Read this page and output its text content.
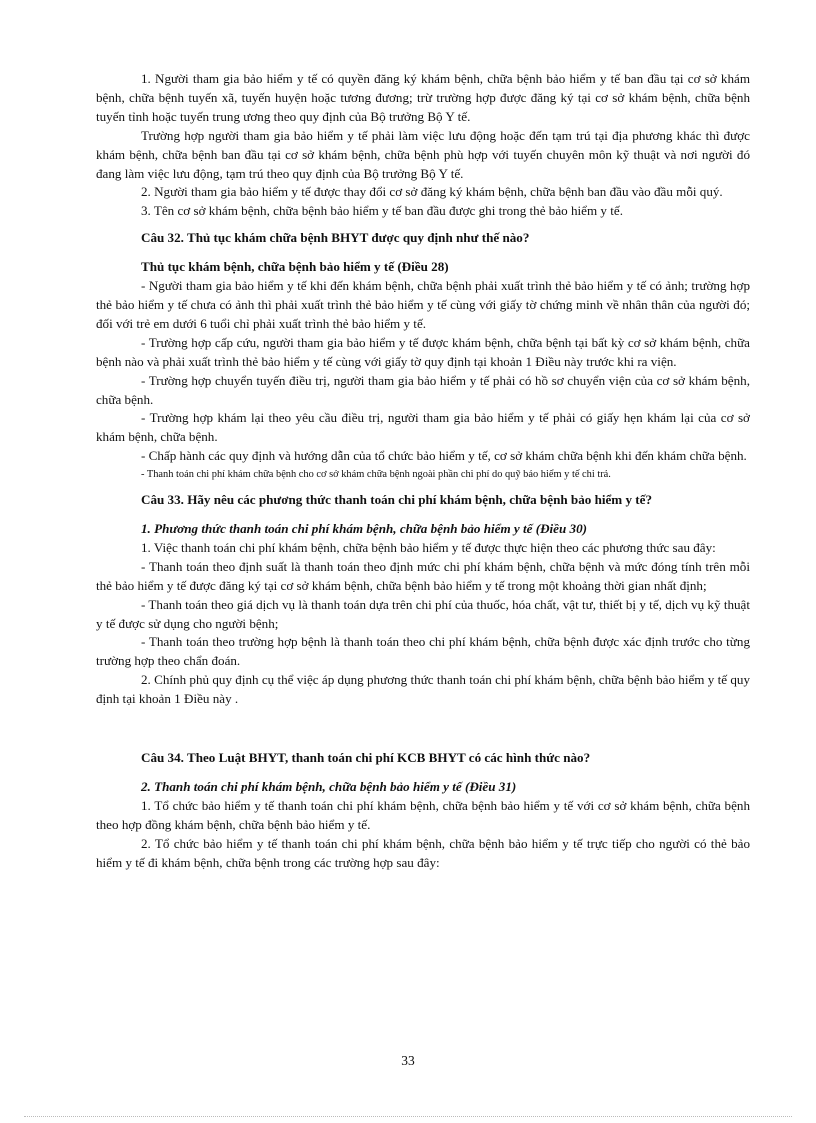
1. Người tham gia bảo hiểm y tế có quyền đăng ký khám bệnh, chữa bệnh bảo hiểm y tế ban đầu tại cơ sở khám bệnh, chữa bệnh tuyến xã, tuyến huyện hoặc tương đương; trừ trường hợp được đăng ký tại cơ sở khám bệnh, chữa bệnh tuyến tỉnh hoặc tuyến trung ương theo quy định của Bộ trưởng Bộ Y tế.

Trường hợp người tham gia bảo hiểm y tế phải làm việc lưu động hoặc đến tạm trú tại địa phương khác thì được khám bệnh, chữa bệnh ban đầu tại cơ sở khám bệnh, chữa bệnh phù hợp với tuyến chuyên môn kỹ thuật và nơi người đó đang làm việc lưu động, tạm trú theo quy định của Bộ trưởng Bộ Y tế.

2. Người tham gia bảo hiểm y tế được thay đổi cơ sở đăng ký khám bệnh, chữa bệnh ban đầu vào đầu mỗi quý.

3. Tên cơ sở khám bệnh, chữa bệnh bảo hiểm y tế ban đầu được ghi trong thẻ bảo hiểm y tế.

Câu 32. Thủ tục khám chữa bệnh BHYT được quy định như thế nào?

Thủ tục khám bệnh, chữa bệnh bảo hiểm y tế (Điều 28)

- Người tham gia bảo hiểm y tế khi đến khám bệnh, chữa bệnh phải xuất trình thẻ bảo hiểm y tế có ảnh; trường hợp thẻ bảo hiểm y tế chưa có ảnh thì phải xuất trình thẻ bảo hiểm y tế cùng với giấy tờ chứng minh về nhân thân của người đó; đối với trẻ em dưới 6 tuổi chỉ phải xuất trình thẻ bảo hiểm y tế.

- Trường hợp cấp cứu, người tham gia bảo hiểm y tế được khám bệnh, chữa bệnh tại bất kỳ cơ sở khám bệnh, chữa bệnh nào và phải xuất trình thẻ bảo hiểm y tế cùng với giấy tờ quy định tại khoản 1 Điều này trước khi ra viện.

- Trường hợp chuyển tuyến điều trị, người tham gia bảo hiểm y tế phải có hồ sơ chuyển viện của cơ sở khám bệnh, chữa bệnh.

- Trường hợp khám lại theo yêu cầu điều trị, người tham gia bảo hiểm y tế phải có giấy hẹn khám lại của cơ sở khám bệnh, chữa bệnh.

- Chấp hành các quy định và hướng dẫn của tổ chức bảo hiểm y tế, cơ sở khám chữa bệnh khi đến khám chữa bệnh.

- Thanh toán chi phí khám chữa bệnh cho cơ sở khám chữa bệnh ngoài phần chi phí do quỹ bảo hiểm y tế chi trả.

Câu 33. Hãy nêu các phương thức thanh toán chi phí khám bệnh, chữa bệnh bảo hiểm y tế?

1. Phương thức thanh toán chi phí khám bệnh, chữa bệnh bảo hiểm y tế (Điều 30)

1. Việc thanh toán chi phí khám bệnh, chữa bệnh bảo hiểm y tế được thực hiện theo các phương thức sau đây:

- Thanh toán theo định suất là thanh toán theo định mức chi phí khám bệnh, chữa bệnh và mức đóng tính trên mỗi thẻ bảo hiểm y tế được đăng ký tại cơ sở khám bệnh, chữa bệnh bảo hiểm y tế trong một khoảng thời gian nhất định;

- Thanh toán theo giá dịch vụ là thanh toán dựa trên chi phí của thuốc, hóa chất, vật tư, thiết bị y tế, dịch vụ kỹ thuật y tế được sử dụng cho người bệnh;

- Thanh toán theo trường hợp bệnh là thanh toán theo chi phí khám bệnh, chữa bệnh được xác định trước cho từng trường hợp theo chẩn đoán.

2. Chính phủ quy định cụ thể việc áp dụng phương thức thanh toán chi phí khám bệnh, chữa bệnh bảo hiểm y tế quy định tại khoản 1 Điều này .

Câu 34. Theo Luật BHYT, thanh toán chi phí KCB BHYT có các hình thức nào?

2. Thanh toán chi phí khám bệnh, chữa bệnh bảo hiểm y tế (Điều 31)

1. Tổ chức bảo hiểm y tế thanh toán chi phí khám bệnh, chữa bệnh bảo hiểm y tế với cơ sở khám bệnh, chữa bệnh theo hợp đồng khám bệnh, chữa bệnh bảo hiểm y tế.

2. Tổ chức bảo hiểm y tế thanh toán chi phí khám bệnh, chữa bệnh bảo hiểm y tế trực tiếp cho người có thẻ bảo hiểm y tế đi khám bệnh, chữa bệnh trong các trường hợp sau đây:

33
